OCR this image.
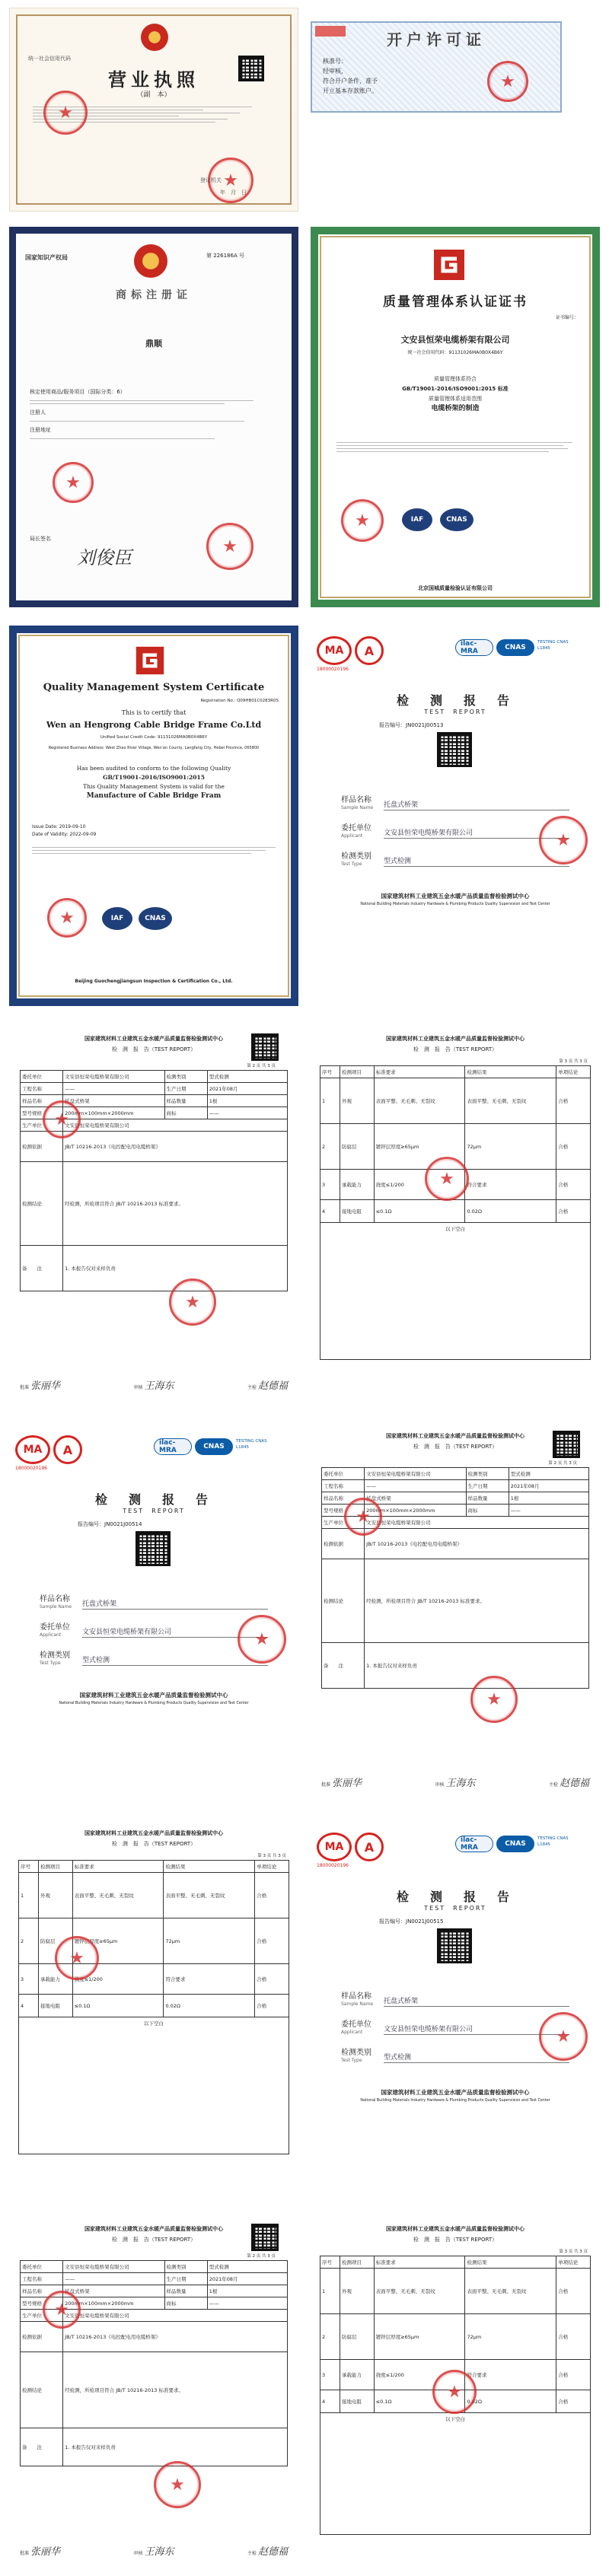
统一社会信用代码
营业执照
（副　本）
★
★
登记机关
年　月　日
开户许可证
核准号：
经审核，
符合开户条件，准予
开立基本存款账户。
★
国家知识产权局	第 226186A 号
商标注册证
鼎顺
核定使用商品/服务项目（国际分类：6）
注册人
注册地址
★
局长签名
刘俊臣
★
质量管理体系认证证书
证书编号：
文安县恒荣电缆桥架有限公司
统一社会信用代码：91131026MA0B0X4B6Y
质量管理体系符合
GB/T19001-2016/ISO9001:2015 标准
质量管理体系适用范围
电缆桥架的制造
★
IAF	CNAS
北京国城质量检验认证有限公司
Quality Management System Certificate
Registration No.: Q09HB01C0283R0S
This is to certify that
Wen an Hengrong Cable Bridge Frame Co.Ltd
Unified Social Credit Code: 91131026MA0B0X4B6Y
Registered Business Address: West Zhao River Village, Wen'an County, Langfang City, Hebei Province, 065800
Has been audited to conform to the following Quality
GB/T19001-2016/ISO9001:2015
This Quality Management System is valid for the
Manufacture of Cable Bridge Fram
Issue Date: 2019-09-10
Date of Validity: 2022-09-09
★
IAF	CNAS
Beijing Guochengjiangsun Inspection & Certification Co., Ltd.
MA	A
18000020196
ilac-MRA	CNAS
TESTING CNAS L1845
检　测　报　告
TEST　REPORT
报告编号：JN0021J00513
样品名称
Sample Name	托盘式桥架
委托单位
Applicant	文安县恒荣电缆桥架有限公司
检测类别
Test Type	型式检测
★
国家建筑材料工业建筑五金水暖产品质量监督检验测试中心
National Building Materials Industry Hardware & Plumbing Products Quality Supervision and Test Center
国家建筑材料工业建筑五金水暖产品质量监督检验测试中心
检　测　报　告（TEST REPORT）
第 2 页 共 3 页
委托单位	文安县恒荣电缆桥架有限公司	检测类别	型式检测
工程名称	——	生产日期	2021年08月
样品名称	托盘式桥架	样品数量	1根
型号规格	200mm×100mm×2000mm	商标	——
生产单位	文安县恒荣电缆桥架有限公司		
检测依据	JB/T 10216-2013《电控配电用电缆桥架》		
检测结论	经检测，所检项目符合 JB/T 10216-2013 标准要求。		
备　　注	1. 本报告仅对来样负责		
★
★
批准 张丽华	审核 王海东	主检 赵德福
国家建筑材料工业建筑五金水暖产品质量监督检验测试中心
检　测　报　告（TEST REPORT）
第 3 页 共 3 页
序号	检测项目	标准要求	检测结果	单项结论
1	外观	表面平整、无毛刺、无裂纹	表面平整、无毛刺、无裂纹	合格
2	防腐层	镀锌层厚度≥65μm	72μm	合格
3	承载能力	挠度≤1/200	符合要求	合格
4	接地电阻	≤0.1Ω	0.02Ω	合格
以下空白				
★
MA	A
18000020196
ilac-MRA	CNAS
TESTING CNAS L1845
检　测　报　告
TEST　REPORT
报告编号：JN0021J00514
样品名称
Sample Name	托盘式桥架
委托单位
Applicant	文安县恒荣电缆桥架有限公司
检测类别
Test Type	型式检测
★
国家建筑材料工业建筑五金水暖产品质量监督检验测试中心
National Building Materials Industry Hardware & Plumbing Products Quality Supervision and Test Center
国家建筑材料工业建筑五金水暖产品质量监督检验测试中心
检　测　报　告（TEST REPORT）
第 2 页 共 3 页
委托单位	文安县恒荣电缆桥架有限公司	检测类别	型式检测
工程名称	——	生产日期	2021年08月
样品名称	托盘式桥架	样品数量	1根
型号规格	200mm×100mm×2000mm	商标	——
生产单位	文安县恒荣电缆桥架有限公司		
检测依据	JB/T 10216-2013《电控配电用电缆桥架》		
检测结论	经检测，所检项目符合 JB/T 10216-2013 标准要求。		
备　　注	1. 本报告仅对来样负责		
★
★
批准 张丽华	审核 王海东	主检 赵德福
国家建筑材料工业建筑五金水暖产品质量监督检验测试中心
检　测　报　告（TEST REPORT）
第 3 页 共 3 页
序号	检测项目	标准要求	检测结果	单项结论
1	外观	表面平整、无毛刺、无裂纹	表面平整、无毛刺、无裂纹	合格
2	防腐层	镀锌层厚度≥65μm	72μm	合格
3	承载能力	挠度≤1/200	符合要求	合格
4	接地电阻	≤0.1Ω	0.02Ω	合格
以下空白				
★
MA	A
18000020196
ilac-MRA	CNAS
TESTING CNAS L1845
检　测　报　告
TEST　REPORT
报告编号：JN0021J00515
样品名称
Sample Name	托盘式桥架
委托单位
Applicant	文安县恒荣电缆桥架有限公司
检测类别
Test Type	型式检测
★
国家建筑材料工业建筑五金水暖产品质量监督检验测试中心
National Building Materials Industry Hardware & Plumbing Products Quality Supervision and Test Center
国家建筑材料工业建筑五金水暖产品质量监督检验测试中心
检　测　报　告（TEST REPORT）
第 2 页 共 3 页
委托单位	文安县恒荣电缆桥架有限公司	检测类别	型式检测
工程名称	——	生产日期	2021年08月
样品名称	托盘式桥架	样品数量	1根
型号规格	200mm×100mm×2000mm	商标	——
生产单位	文安县恒荣电缆桥架有限公司		
检测依据	JB/T 10216-2013《电控配电用电缆桥架》		
检测结论	经检测，所检项目符合 JB/T 10216-2013 标准要求。		
备　　注	1. 本报告仅对来样负责		
★
★
批准 张丽华	审核 王海东	主检 赵德福
国家建筑材料工业建筑五金水暖产品质量监督检验测试中心
检　测　报　告（TEST REPORT）
第 3 页 共 3 页
序号	检测项目	标准要求	检测结果	单项结论
1	外观	表面平整、无毛刺、无裂纹	表面平整、无毛刺、无裂纹	合格
2	防腐层	镀锌层厚度≥65μm	72μm	合格
3	承载能力	挠度≤1/200	符合要求	合格
4	接地电阻	≤0.1Ω	0.02Ω	合格
以下空白				
★
